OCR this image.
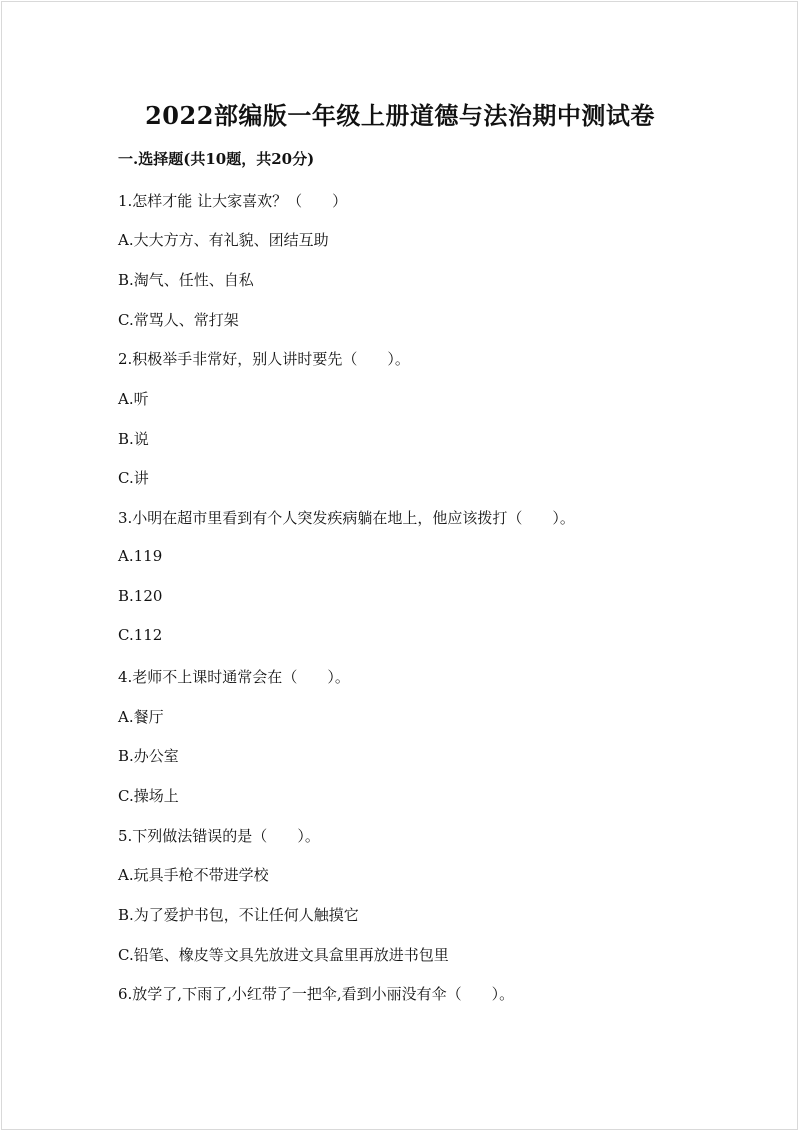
2022部编版一年级上册道德与法治期中测试卷
一.选择题(共10题，共20分)
1.怎样才能 让大家喜欢？（　　）
A.大大方方、有礼貌、团结互助
B.淘气、任性、自私
C.常骂人、常打架
2.积极举手非常好，别人讲时要先（　　）。
A.听
B.说
C.讲
3.小明在超市里看到有个人突发疾病躺在地上，他应该拨打（　　）。
A.119
B.120
C.112
4.老师不上课时通常会在（　　）。
A.餐厅
B.办公室
C.操场上
5.下列做法错误的是（　　）。
A.玩具手枪不带进学校
B.为了爱护书包，不让任何人触摸它
C.铅笔、橡皮等文具先放进文具盒里再放进书包里
6.放学了,下雨了,小红带了一把伞,看到小丽没有伞（　　）。
